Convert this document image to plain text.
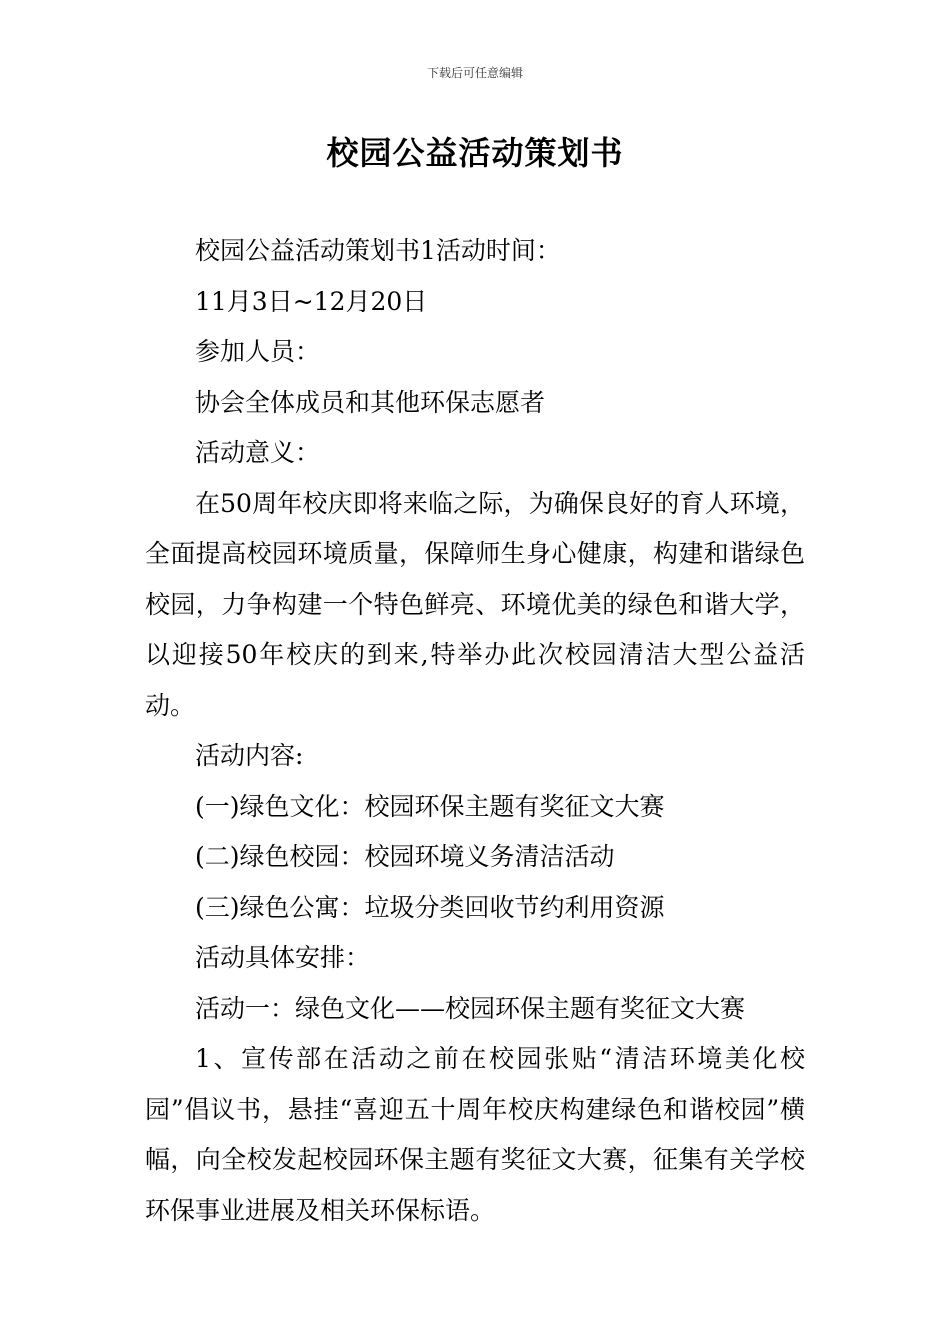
下载后可任意编辑
校园公益活动策划书

校园公益活动策划书1活动时间：

11月3日~12月20日

参加人员：

协会全体成员和其他环保志愿者

活动意义：

在50周年校庆即将来临之际，为确保良好的育人环境，全面提高校园环境质量，保障师生身心健康，构建和谐绿色校园，力争构建一个特色鲜亮、环境优美的绿色和谐大学，以迎接50年校庆的到来,特举办此次校园清洁大型公益活动。

活动内容:

(一)绿色文化：校园环保主题有奖征文大赛

(二)绿色校园：校园环境义务清洁活动

(三)绿色公寓：垃圾分类回收节约利用资源

活动具体安排：

活动一：绿色文化——校园环保主题有奖征文大赛

1、宣传部在活动之前在校园张贴“清洁环境美化校园”倡议书，悬挂“喜迎五十周年校庆构建绿色和谐校园”横幅，向全校发起校园环保主题有奖征文大赛，征集有关学校环保事业进展及相关环保标语。
